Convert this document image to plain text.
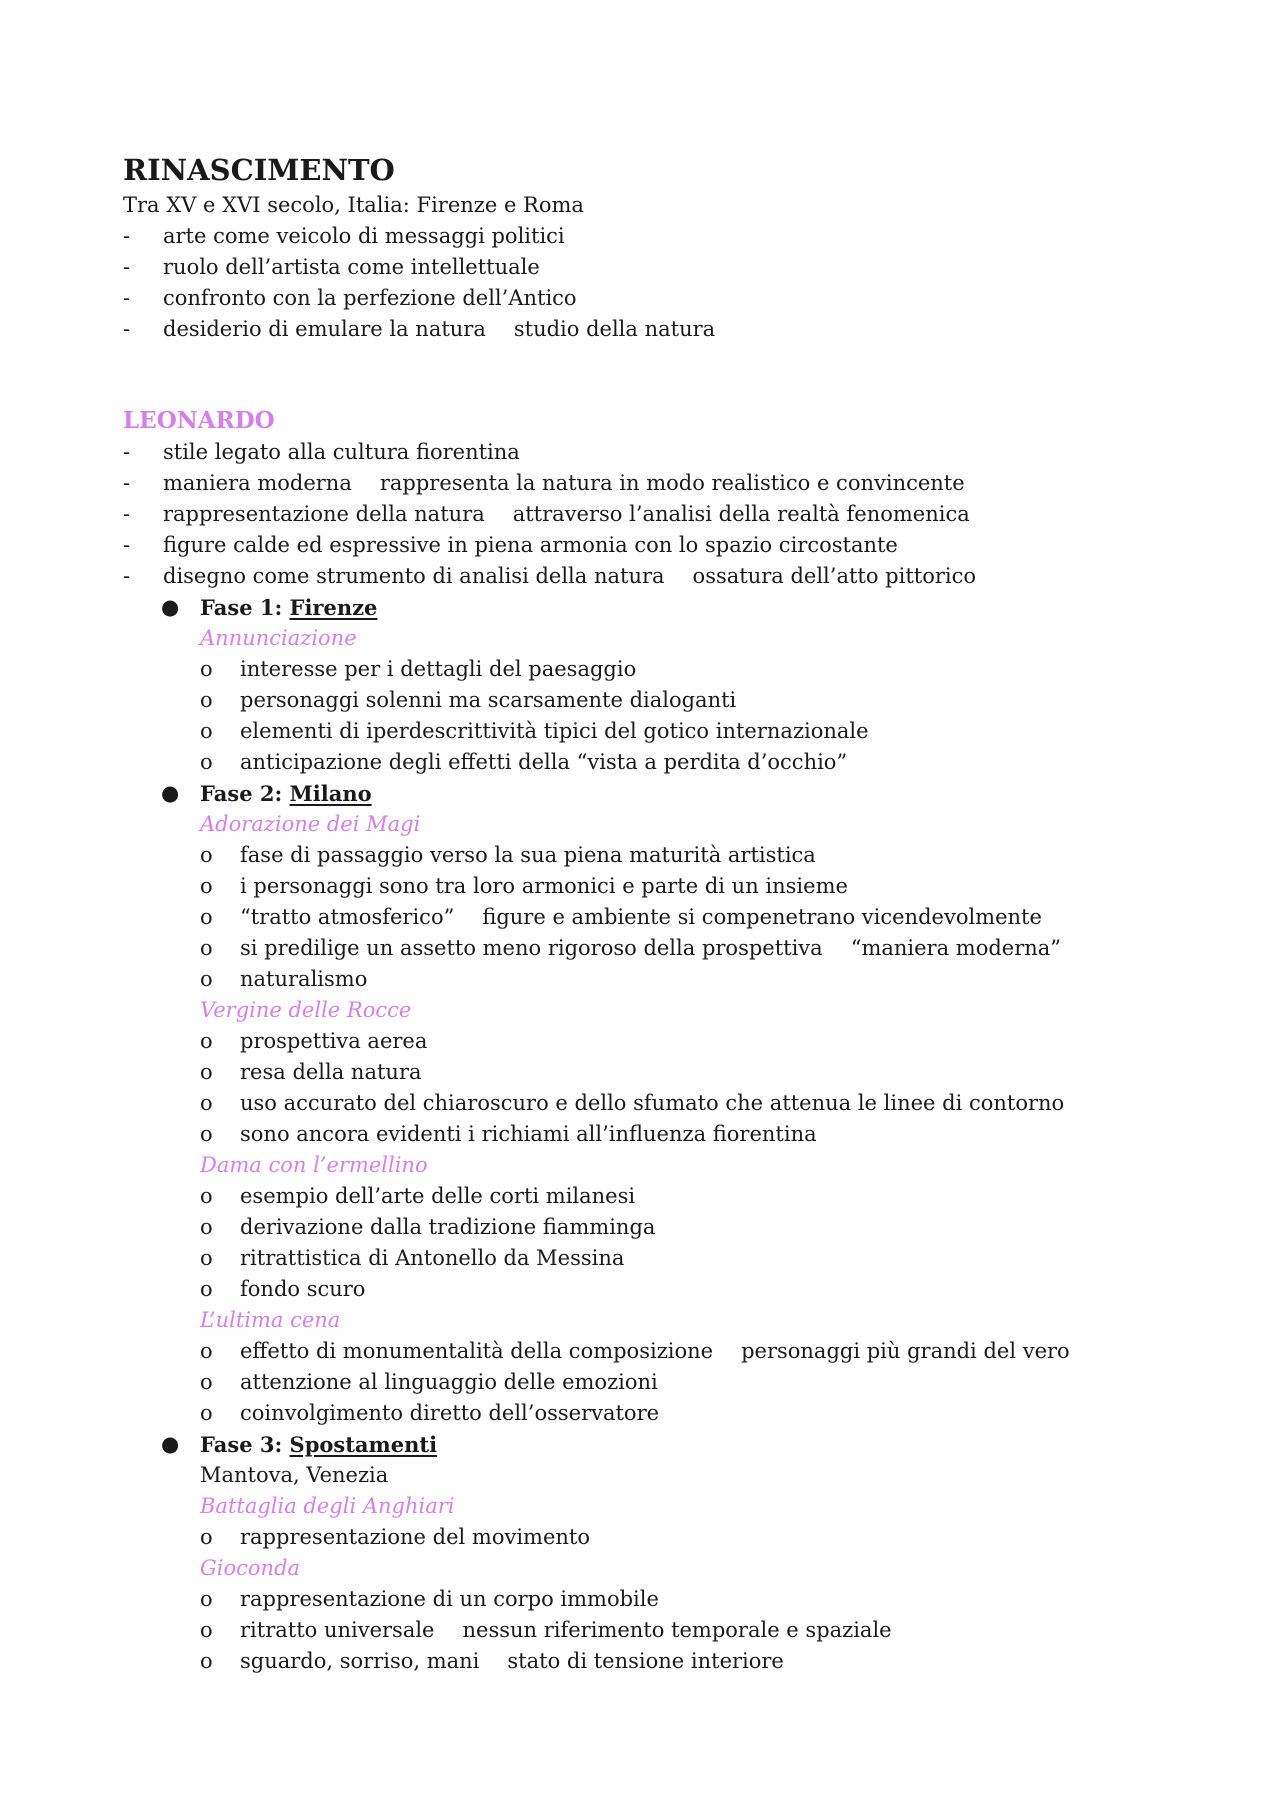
RINASCIMENTO
Tra XV e XVI secolo, Italia: Firenze e Roma
-	arte come veicolo di messaggi politici
-	ruolo dell’artista come intellettuale
-	confronto con la perfezione dell’Antico
-	desiderio di emulare la natura studio della natura
LEONARDO
-	stile legato alla cultura fiorentina
-	maniera moderna rappresenta la natura in modo realistico e convincente
-	rappresentazione della natura attraverso l’analisi della realtà fenomenica
-	figure calde ed espressive in piena armonia con lo spazio circostante
-	disegno come strumento di analisi della natura ossatura dell’atto pittorico
● Fase 1:
Firenze
Annunciazione
o	interesse per i dettagli del paesaggio
o	personaggi solenni ma scarsamente dialoganti
o	elementi di iperdescrittività tipici del gotico internazionale
o	anticipazione degli effetti della “vista a perdita d’occhio”
● Fase 2:
Milano
Adorazione dei Magi
o	fase di passaggio verso la sua piena maturità artistica
o	i personaggi sono tra loro armonici e parte di un insieme
o	“tratto atmosferico” figure e ambiente si compenetrano vicendevolmente
o	si predilige un assetto meno rigoroso della prospettiva “maniera moderna”
o	naturalismo
Vergine delle Rocce
o	prospettiva aerea
o	resa della natura
o	uso accurato del chiaroscuro e dello sfumato che attenua le linee di contorno
o	sono ancora evidenti i richiami all’influenza fiorentina
Dama con l’ermellino
o	esempio dell’arte delle corti milanesi
o	derivazione dalla tradizione fiamminga
o	ritrattistica di Antonello da Messina
o	fondo scuro
L’ultima cena
o	effetto di monumentalità della composizione personaggi più grandi del vero
o	attenzione al linguaggio delle emozioni
o	coinvolgimento diretto dell’osservatore
● Fase 3:
Spostamenti
Mantova, Venezia
Battaglia degli Anghiari
o	rappresentazione del movimento
Gioconda
o	rappresentazione di un corpo immobile
o	ritratto universale nessun riferimento temporale e spaziale
o	sguardo, sorriso, mani stato di tensione interiore
